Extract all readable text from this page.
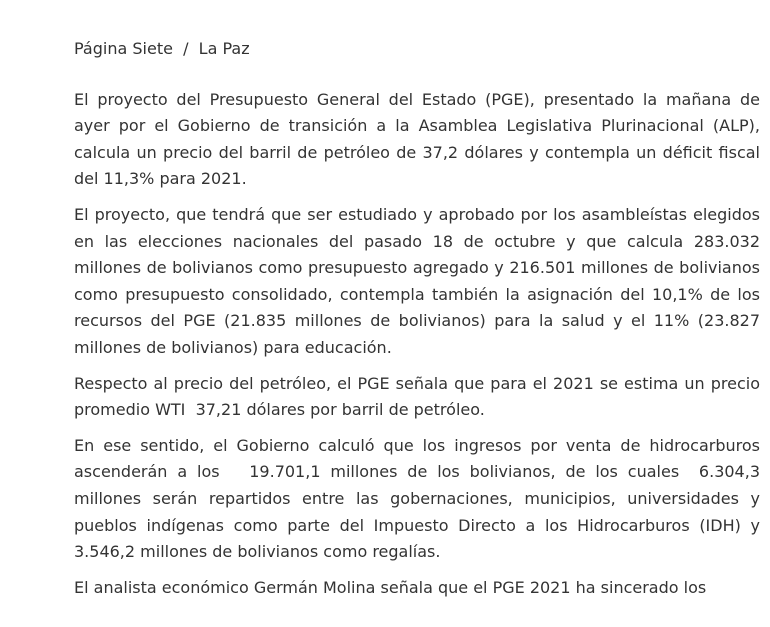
Página Siete  /  La Paz

El proyecto del Presupuesto General del Estado (PGE), presentado la mañana de ayer por el Gobierno de transición a la Asamblea Legislativa Plurinacional (ALP), calcula un precio del barril de petróleo de 37,2 dólares y contempla un déficit fiscal del 11,3% para 2021.

El proyecto, que tendrá que ser estudiado y aprobado por los asambleístas elegidos en las elecciones nacionales del pasado 18 de octubre y que calcula 283.032 millones de bolivianos como presupuesto agregado y 216.501 millones de bolivianos como presupuesto consolidado, contempla también la asignación del 10,1% de los recursos del PGE (21.835 millones de bolivianos) para la salud y el 11% (23.827 millones de bolivianos) para educación.

Respecto al precio del petróleo, el PGE señala que para el 2021 se estima un precio promedio WTI  37,21 dólares por barril de petróleo.

En ese sentido, el Gobierno calculó que los ingresos por venta de hidrocarburos ascenderán a los   19.701,1 millones de los bolivianos, de los cuales  6.304,3 millones serán repartidos entre las gobernaciones, municipios, universidades y pueblos indígenas como parte del Impuesto Directo a los Hidrocarburos (IDH) y 3.546,2 millones de bolivianos como regalías.

El analista económico Germán Molina señala que el PGE 2021 ha sincerado los
